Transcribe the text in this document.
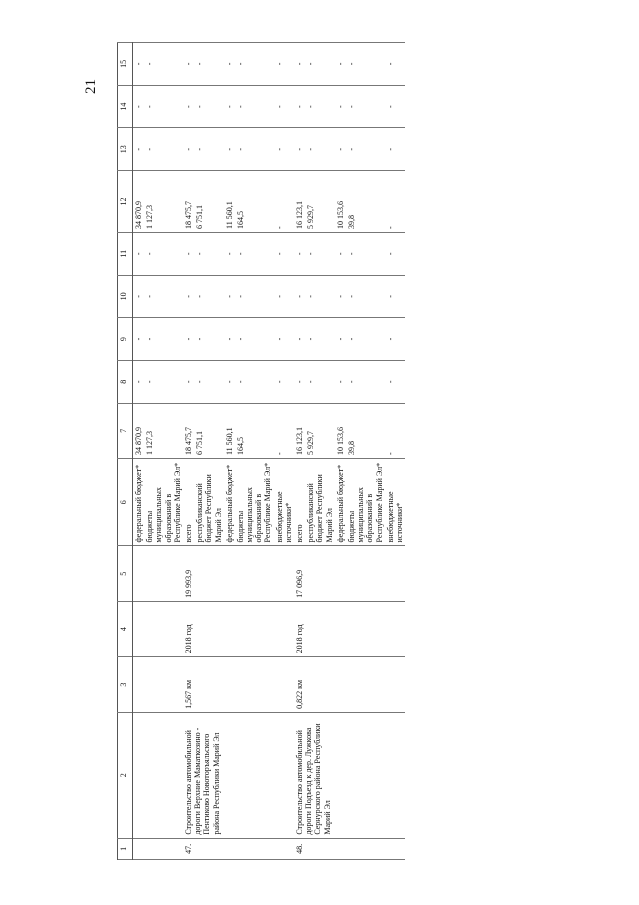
21
1	2	3	4	5	6	7	8	9	10	11	12	13	14	15
					федеральный бюджет*	34 870,9	-	-	-	-	34 870,9	-	-	-
					бюджеты муниципальных образований в Республике Марий Эл*	1 127,3	-	-	-	-	1 127,3	-	-	-
47.	Строительство автомобильной дороги Верхние Маматкозино - Пентиково Новоторъяльского района Республики Марий Эл	1,567 км	2018 год	19 993,9	всего	18 475,7	-	-	-	-	18 475,7	-	-	-
					республиканский бюджет Республики Марий Эл	6 751,1	-	-	-	-	6 751,1	-	-	-
					федеральный бюджет*	11 560,1	-	-	-	-	11 560,1	-	-	-
					бюджеты муниципальных образований в Республике Марий Эл*	164,5	-	-	-	-	164,5	-	-	-
					внебюджетные источники*	-	-	-	-	-	-	-	-	-
48.	Строительство автомобильной дороги Подъезд к дер. Лужкова Сернурского района Республики Марий Эл	0,822 км	2018 год	17 096,9	всего	16 123,1	-	-	-	-	16 123,1	-	-	-
					республиканский бюджет Республики Марий Эл	5 929,7	-	-	-	-	5 929,7	-	-	-
					федеральный бюджет*	10 153,6	-	-	-	-	10 153,6	-	-	-
					бюджеты муниципальных образований в Республике Марий Эл*	39,8	-	-	-	-	39,8	-	-	-
					внебюджетные источники*	-	-	-	-	-	-	-	-	-
